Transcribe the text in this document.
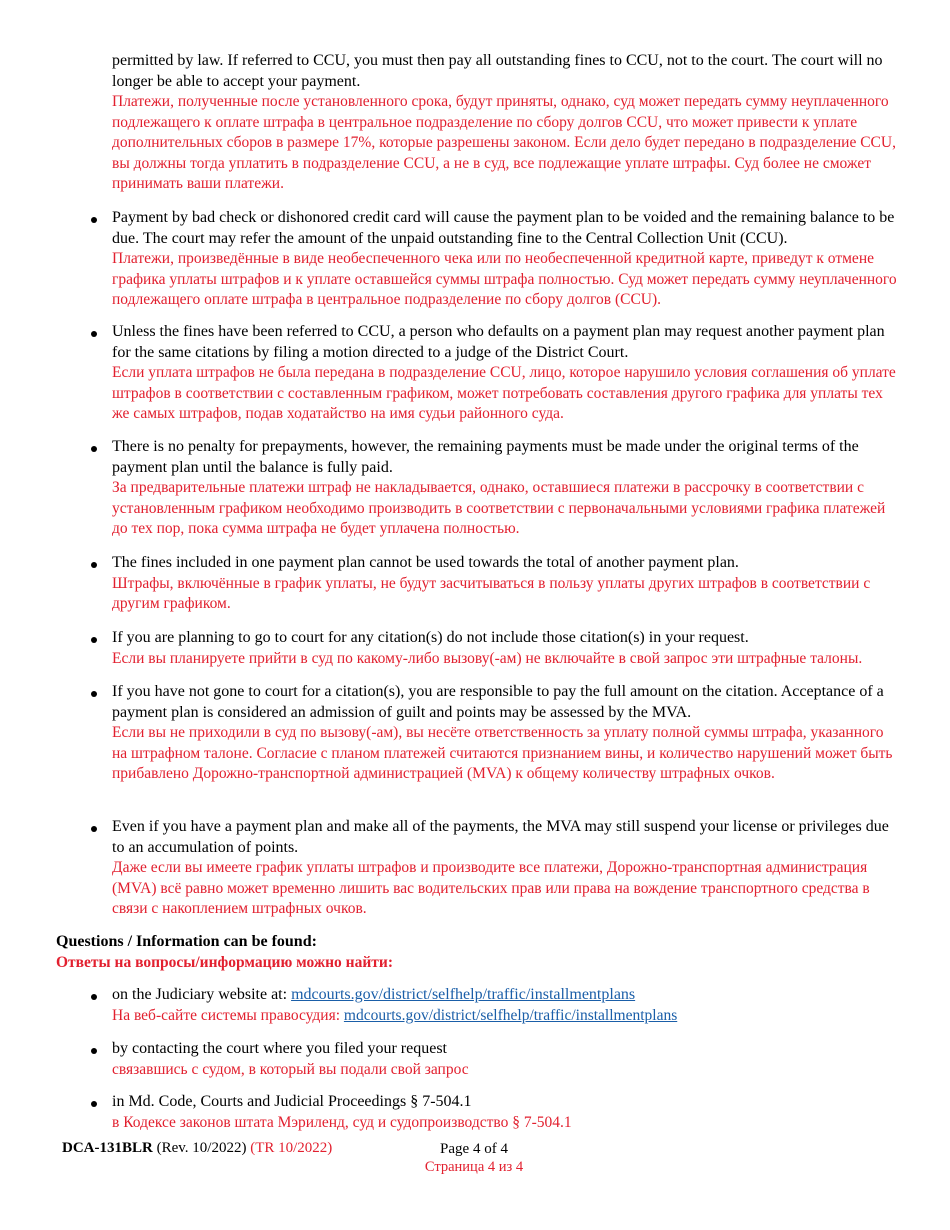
permitted by law. If referred to CCU, you must then pay all outstanding fines to CCU, not to the court. The court will no longer be able to accept your payment.
Платежи, полученные после установленного срока, будут приняты, однако, суд может передать сумму неуплаченного подлежащего к оплате штрафа в центральное подразделение по сбору долгов CCU, что может привести к уплате дополнительных сборов в размере 17%, которые разрешены законом. Если дело будет передано в подразделение CCU, вы должны тогда уплатить в подразделение CCU, а не в суд, все подлежащие уплате штрафы. Суд более не сможет принимать ваши платежи.
Payment by bad check or dishonored credit card will cause the payment plan to be voided and the remaining balance to be due. The court may refer the amount of the unpaid outstanding fine to the Central Collection Unit (CCU).
Платежи, произведённые в виде необеспеченного чека или по необеспеченной кредитной карте, приведут к отмене графика уплаты штрафов и к уплате оставшейся суммы штрафа полностью. Суд может передать сумму неуплаченного подлежащего оплате штрафа в центральное подразделение по сбору долгов (CCU).
Unless the fines have been referred to CCU, a person who defaults on a payment plan may request another payment plan for the same citations by filing a motion directed to a judge of the District Court.
Если уплата штрафов не была передана в подразделение CCU, лицо, которое нарушило условия соглашения об уплате штрафов в соответствии с составленным графиком, может потребовать составления другого графика для уплаты тех же самых штрафов, подав ходатайство на имя судьи районного суда.
There is no penalty for prepayments, however, the remaining payments must be made under the original terms of the payment plan until the balance is fully paid.
За предварительные платежи штраф не накладывается, однако, оставшиеся платежи в рассрочку в соответствии с установленным графиком необходимо производить в соответствии с первоначальными условиями графика платежей до тех пор, пока сумма штрафа не будет уплачена полностью.
The fines included in one payment plan cannot be used towards the total of another payment plan.
Штрафы, включённые в график уплаты, не будут засчитываться в пользу уплаты других штрафов в соответствии с другим графиком.
If you are planning to go to court for any citation(s) do not include those citation(s) in your request.
Если вы планируете прийти в суд по какому-либо вызову(-ам) не включайте в свой запрос эти штрафные талоны.
If you have not gone to court for a citation(s), you are responsible to pay the full amount on the citation. Acceptance of a payment plan is considered an admission of guilt and points may be assessed by the MVA.
Если вы не приходили в суд по вызову(-ам), вы несёте ответственность за уплату полной суммы штрафа, указанного на штрафном талоне. Согласие с планом платежей считаются признанием вины, и количество нарушений может быть прибавлено Дорожно-транспортной администрацией (MVA) к общему количеству штрафных очков.
Even if you have a payment plan and make all of the payments, the MVA may still suspend your license or privileges due to an accumulation of points.
Даже если вы имеете график уплаты штрафов и производите все платежи, Дорожно-транспортная администрация (MVA) всё равно может временно лишить вас водительских прав или права на вождение транспортного средства в связи с накоплением штрафных очков.
Questions / Information can be found:
Ответы на вопросы/информацию можно найти:
on the Judiciary website at: mdcourts.gov/district/selfhelp/traffic/installmentplans
На веб-сайте системы правосудия: mdcourts.gov/district/selfhelp/traffic/installmentplans
by contacting the court where you filed your request
связавшись с судом, в который вы подали свой запрос
in Md. Code, Courts and Judicial Proceedings § 7-504.1
в Кодексе законов штата Мэриленд, суд и судопроизводство § 7-504.1
DCA-131BLR (Rev. 10/2022) (TR 10/2022)	Page 4 of 4
Страница 4 из 4
